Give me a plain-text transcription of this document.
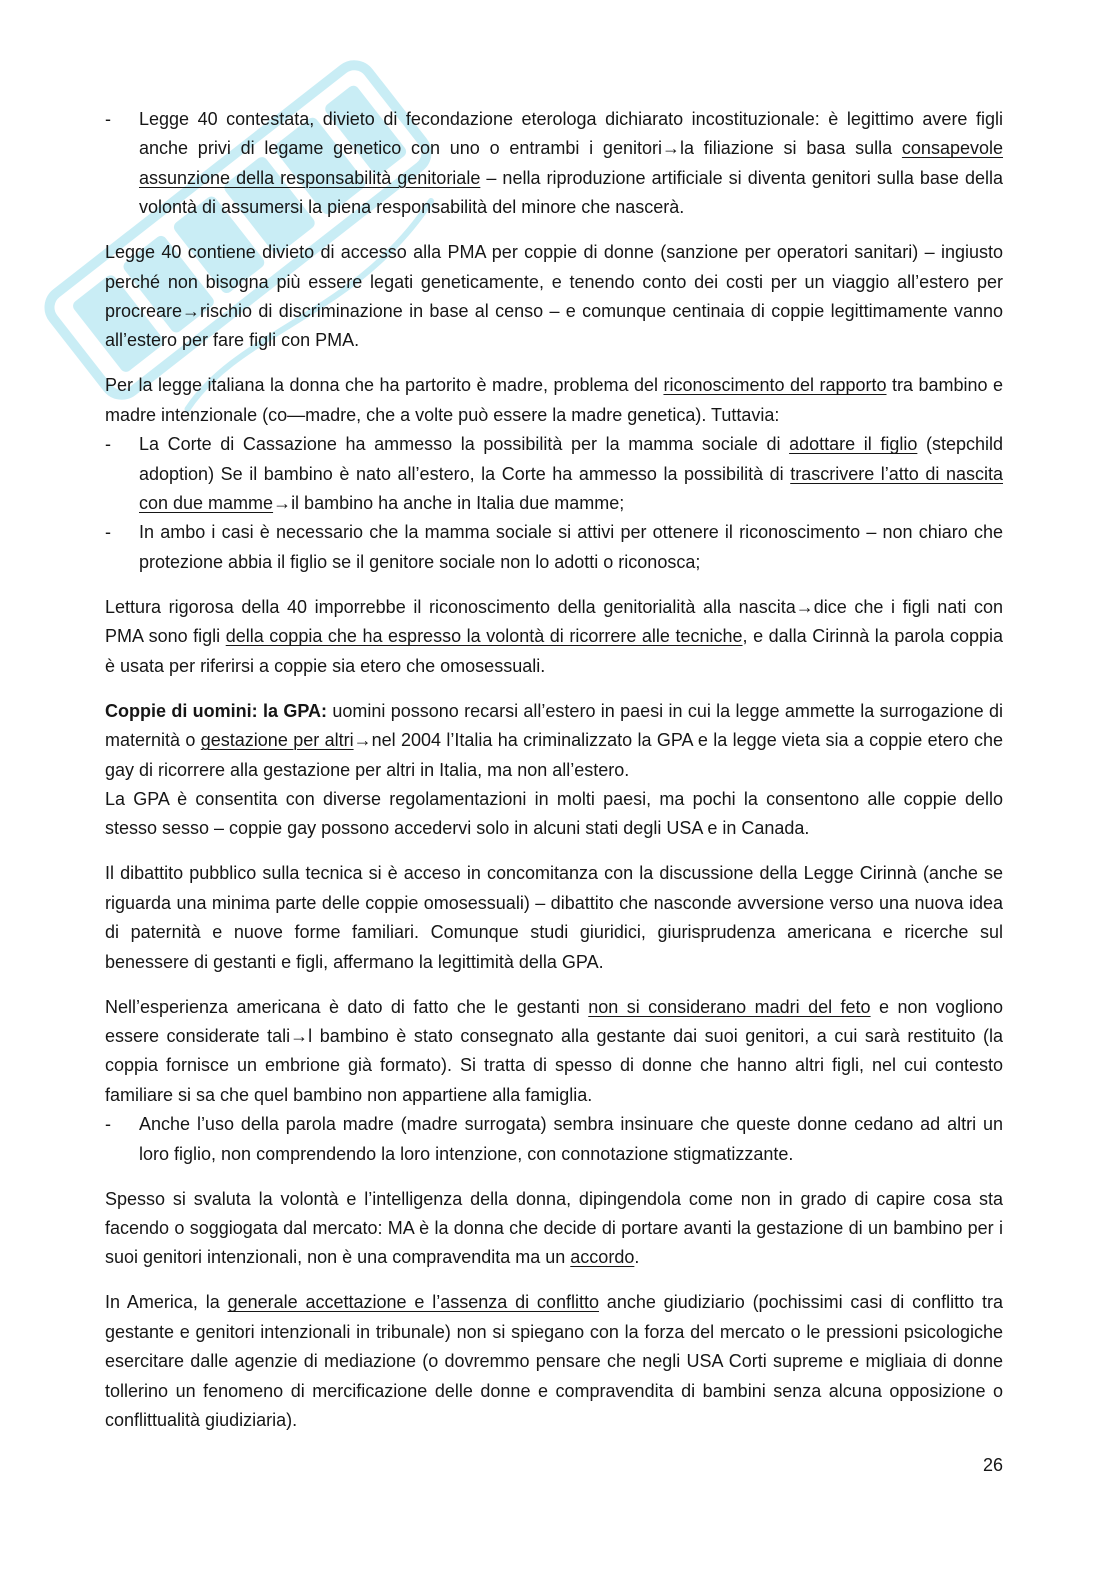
- Legge 40 contestata, divieto di fecondazione eterologa dichiarato incostituzionale: è legittimo avere figli anche privi di legame genetico con uno o entrambi i genitori→la filiazione si basa sulla consapevole assunzione della responsabilità genitoriale – nella riproduzione artificiale si diventa genitori sulla base della volontà di assumersi la piena responsabilità del minore che nascerà.
Legge 40 contiene divieto di accesso alla PMA per coppie di donne (sanzione per operatori sanitari) – ingiusto perché non bisogna più essere legati geneticamente, e tenendo conto dei costi per un viaggio all’estero per procreare→rischio di discriminazione in base al censo – e comunque centinaia di coppie legittimamente vanno all’estero per fare figli con PMA.
Per la legge italiana la donna che ha partorito è madre, problema del riconoscimento del rapporto tra bambino e madre intenzionale (co—madre, che a volte può essere la madre genetica). Tuttavia:
- La Corte di Cassazione ha ammesso la possibilità per la mamma sociale di adottare il figlio (stepchild adoption) Se il bambino è nato all’estero, la Corte ha ammesso la possibilità di trascrivere l’atto di nascita con due mamme→il bambino ha anche in Italia due mamme;
- In ambo i casi è necessario che la mamma sociale si attivi per ottenere il riconoscimento – non chiaro che protezione abbia il figlio se il genitore sociale non lo adotti o riconosca;
Lettura rigorosa della 40 imporrebbe il riconoscimento della genitorialità alla nascita→dice che i figli nati con PMA sono figli della coppia che ha espresso la volontà di ricorrere alle tecniche, e dalla Cirinnà la parola coppia è usata per riferirsi a coppie sia etero che omosessuali.
Coppie di uomini: la GPA: uomini possono recarsi all’estero in paesi in cui la legge ammette la surrogazione di maternità o gestazione per altri→nel 2004 l’Italia ha criminalizzato la GPA e la legge vieta sia a coppie etero che gay di ricorrere alla gestazione per altri in Italia, ma non all’estero.
La GPA è consentita con diverse regolamentazioni in molti paesi, ma pochi la consentono alle coppie dello stesso sesso – coppie gay possono accedervi solo in alcuni stati degli USA e in Canada.
Il dibattito pubblico sulla tecnica si è acceso in concomitanza con la discussione della Legge Cirinnà (anche se riguarda una minima parte delle coppie omosessuali) – dibattito che nasconde avversione verso una nuova idea di paternità e nuove forme familiari. Comunque studi giuridici, giurisprudenza americana e ricerche sul benessere di gestanti e figli, affermano la legittimità della GPA.
Nell’esperienza americana è dato di fatto che le gestanti non si considerano madri del feto e non vogliono essere considerate tali→l bambino è stato consegnato alla gestante dai suoi genitori, a cui sarà restituito (la coppia fornisce un embrione già formato). Si tratta di spesso di donne che hanno altri figli, nel cui contesto familiare si sa che quel bambino non appartiene alla famiglia.
- Anche l’uso della parola madre (madre surrogata) sembra insinuare che queste donne cedano ad altri un loro figlio, non comprendendo la loro intenzione, con connotazione stigmatizzante.
Spesso si svaluta la volontà e l’intelligenza della donna, dipingendola come non in grado di capire cosa sta facendo o soggiogata dal mercato: MA è la donna che decide di portare avanti la gestazione di un bambino per i suoi genitori intenzionali, non è una compravendita ma un accordo.
In America, la generale accettazione e l’assenza di conflitto anche giudiziario (pochissimi casi di conflitto tra gestante e genitori intenzionali in tribunale) non si spiegano con la forza del mercato o le pressioni psicologiche esercitare dalle agenzie di mediazione (o dovremmo pensare che negli USA Corti supreme e migliaia di donne tollerino un fenomeno di mercificazione delle donne e compravendita di bambini senza alcuna opposizione o conflittualità giudiziaria).
26
